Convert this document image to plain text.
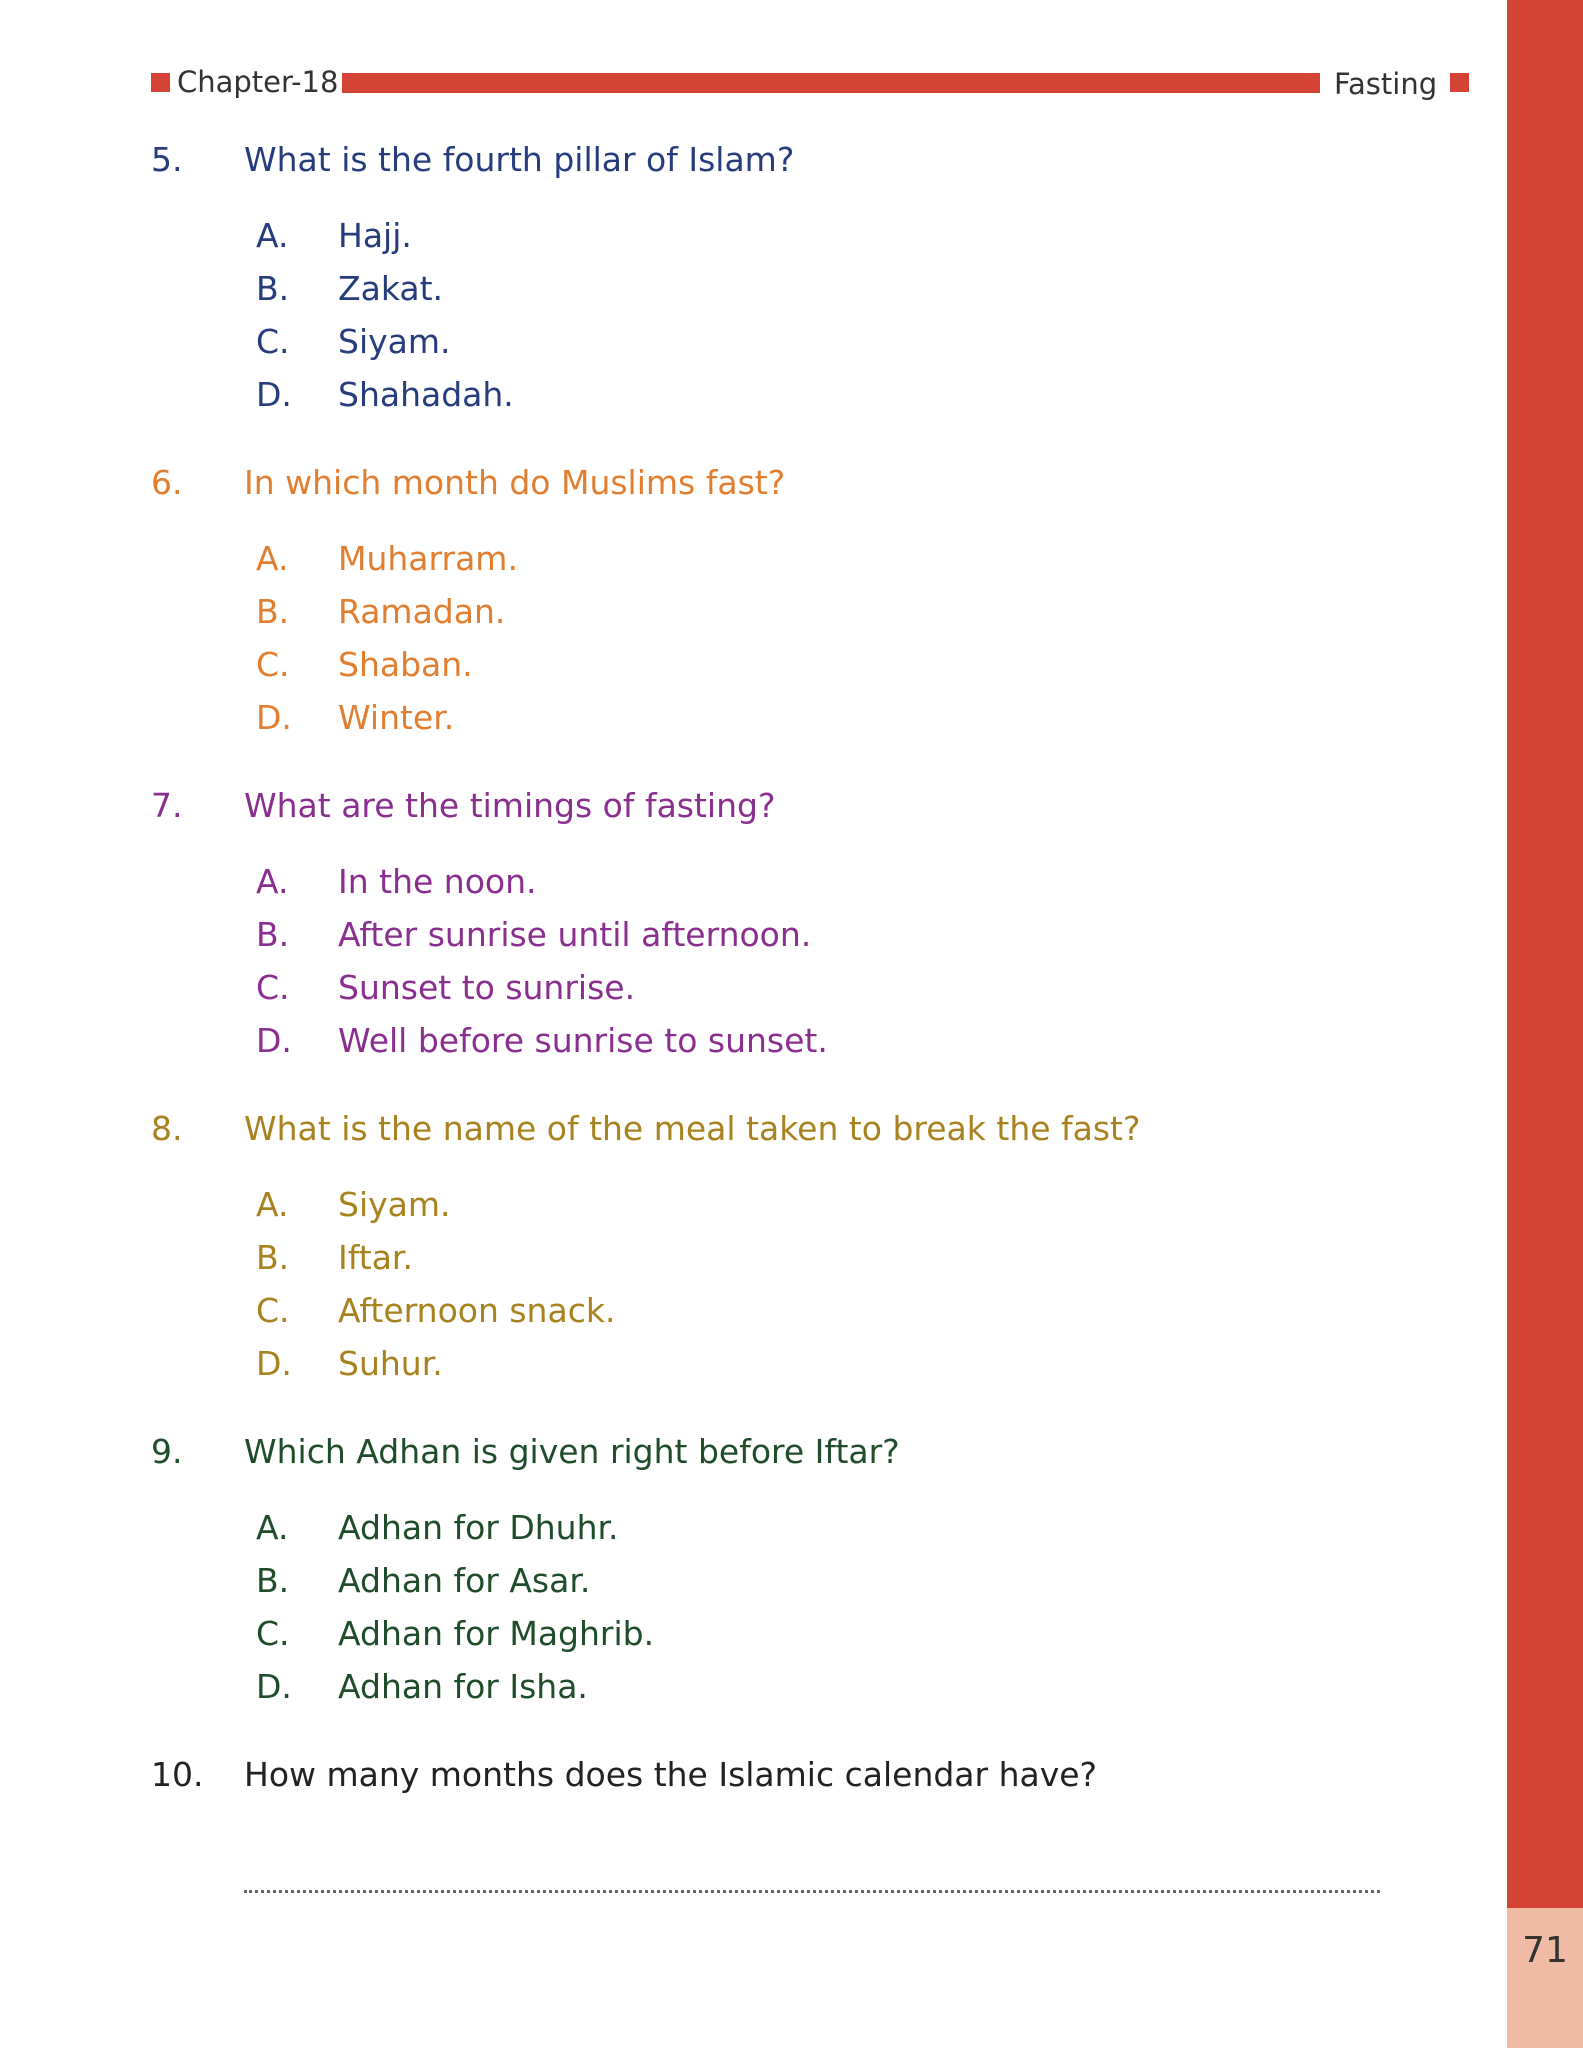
71
Chapter-18	Fasting
5. What is the fourth pillar of Islam?
A. Hajj.
B. Zakat.
C. Siyam.
D. Shahadah.
6. In which month do Muslims fast?
A. Muharram.
B. Ramadan.
C. Shaban.
D. Winter.
7. What are the timings of fasting?
A. In the noon.
B. After sunrise until afternoon.
C. Sunset to sunrise.
D. Well before sunrise to sunset.
8. What is the name of the meal taken to break the fast?
A. Siyam.
B. Iftar.
C. Afternoon snack.
D. Suhur.
9. Which Adhan is given right before Iftar?
A. Adhan for Dhuhr.
B. Adhan for Asar.
C. Adhan for Maghrib.
D. Adhan for Isha.
10. How many months does the Islamic calendar have?
